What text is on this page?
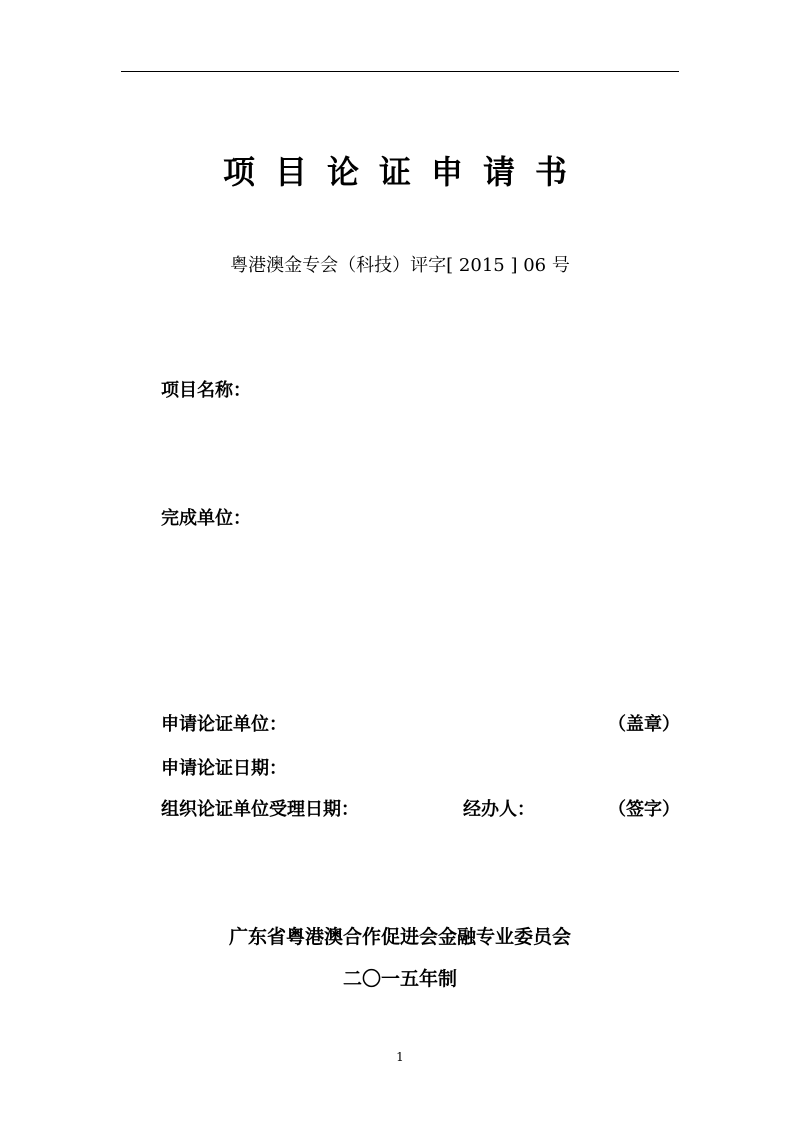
项目论证申请书
粤港澳金专会（科技）评字[ 2015 ] 06 号
项目名称：
完成单位：
申请论证单位：	（盖章）
申请论证日期：
组织论证单位受理日期：	经办人：	（签字）
广东省粤港澳合作促进会金融专业委员会
二〇一五年制
1
